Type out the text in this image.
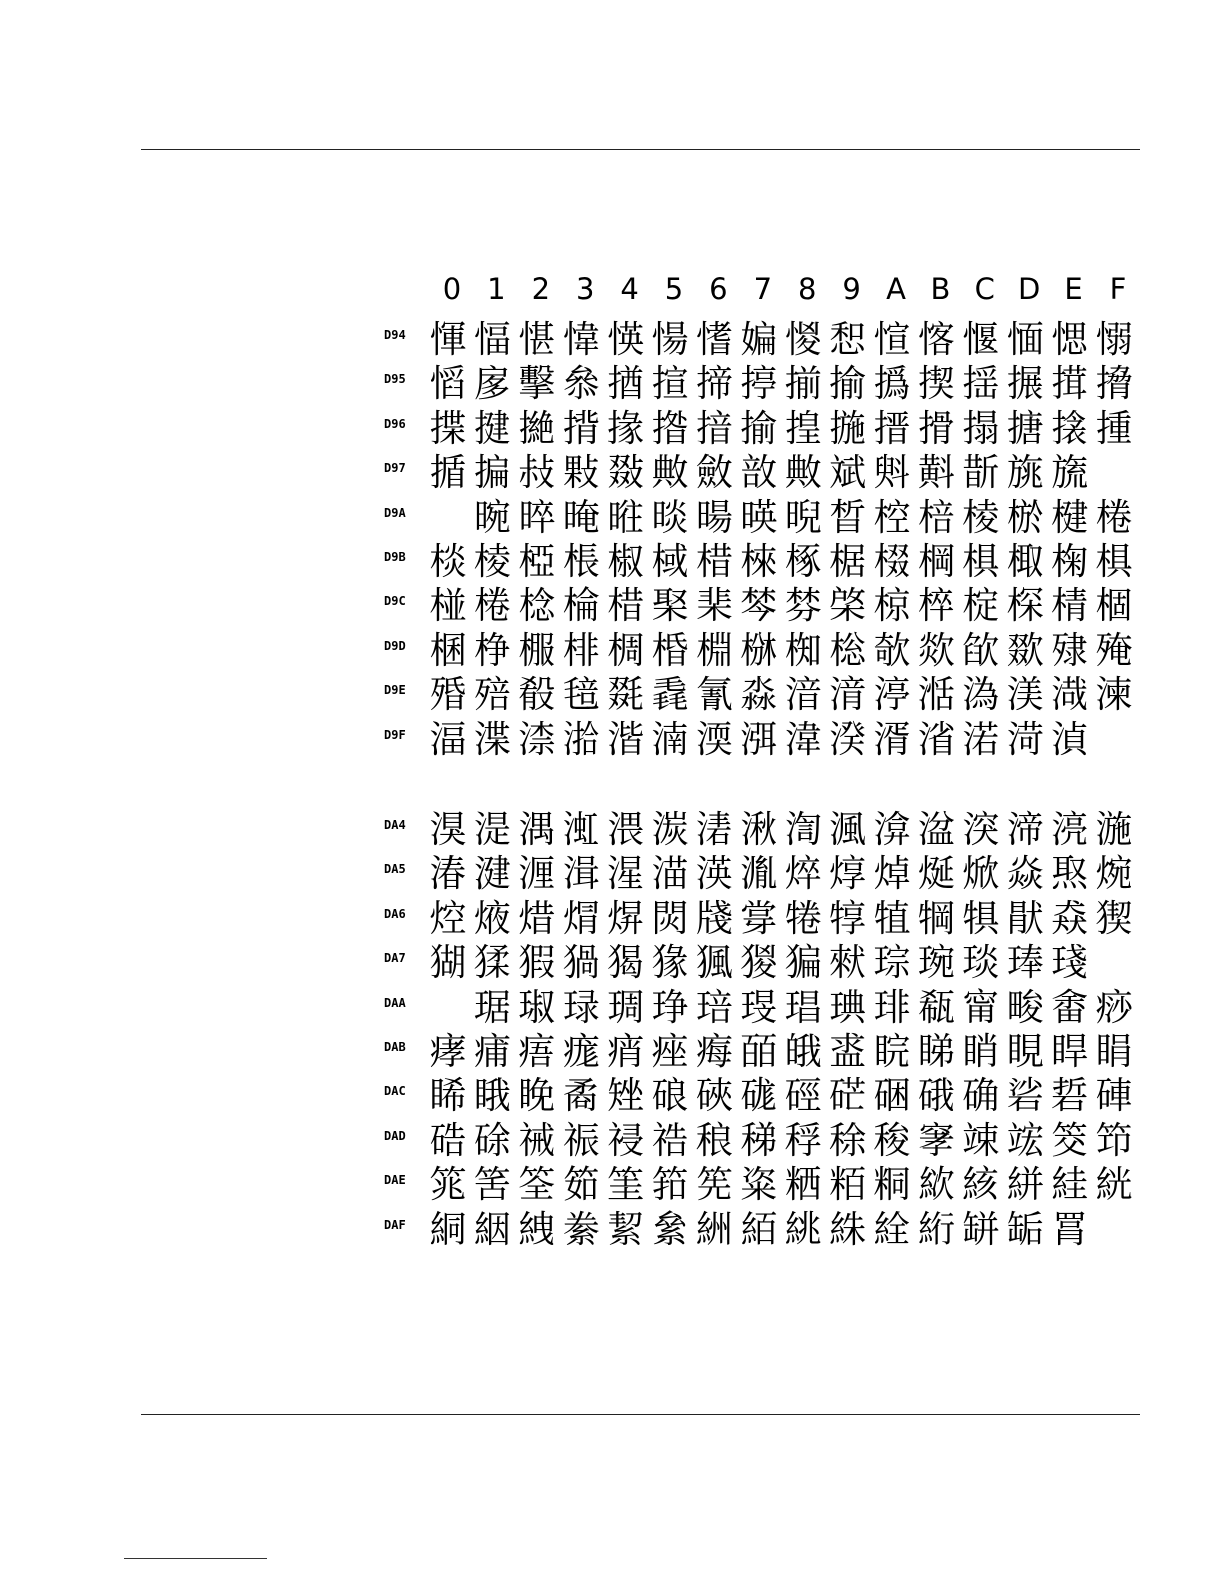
0 1 2 3 4 5 6 7 8 9 A B C D E F
D94 惲 愊 愖 愇 愥 愓 愭 媥 惾 惒 愃 愘 愝 愐 愢 愵
D95 慆 扅 擊 叅 揂 揎 揥 揨 揃 揄 撝 揳 揺 搌 搑 搚
D96 揲 揵 撧 揹 掾 揝 揞 揄 揘 揓 搢 搰 搨 搪 搇 揰
D97 揗 揙 敊 敤 敠 敟 斂 敨 敟 斌 斞 斢 斮 旐 旒
D9A	晼 晬 晻 暀 晱 暘 暎 晲 晳 椌 棓 棱 棜 楗 棬
D9B 棪 棱 椏 棖 椒 棫 棤 棶 椓 椐 棳 棡 椇 棷 椈 椇
D9C 椪 棬 棯 棆 棤 棸 棐 棽 棼 棨 椋 椊 椗 棎 棈 棝
D9D 棞 棦 棴 棑 椆 棔 棩 椕 椥 棇 欹 欻 欿 欼 殔 殗
D9E 殙 殕 殽 毰 毲 毳 氰 淼 湆 湇 渟 湉 溈 渼 渽 湅
D9F 湢 渫 渿 湁 湝 湳 渜 渳 湋 湀 湑 渻 渃 渮 湞
DA4 湨 湜 湡 渱 渨 湠 湱 湫 渹 渢 渰 湓 湥 渧 湸 湤
DA5 湷 湕 湹 湒 湦 渵 渶 湚 焠 焞 焯 烻 焮 焱 焣 焥
DA6 焢 焲 焟 焨 焺 焛 牋 牚 犈 犉 犆 犅 犋 猒 猋 猰
DA7 猢 猱 猳 猧 猲 猭 猦 猣 猵 猌 琮 琬 琰 琫 琖
DAA	琚 琡 琭 琱 琤 琣 琝 琩 琠 琲 瓻 甯 畯 畬 痧
DAB 痚 痡 痦 痝 痟 痤 痗 皕 皒 盚 睆 睇 睄 睍 睅 睊
DAC 睎 睋 睌 矞 矬 硠 硤 硥 硜 硭 硱 硪 确 硰 硩 硨
DAD 硞 硢 祴 祳 祲 祰 稂 稊 稃 稌 稄 窙 竦 竤 筊 笻
DAE 筄 筈 筌 筎 筀 筘 筅 粢 粞 粨 粡 絘 絯 絣 絓 絖
DAF 絧 絪 絏 絭 絜 絫 絒 絔 絩 絑 絟 絎 缾 缿 罥
